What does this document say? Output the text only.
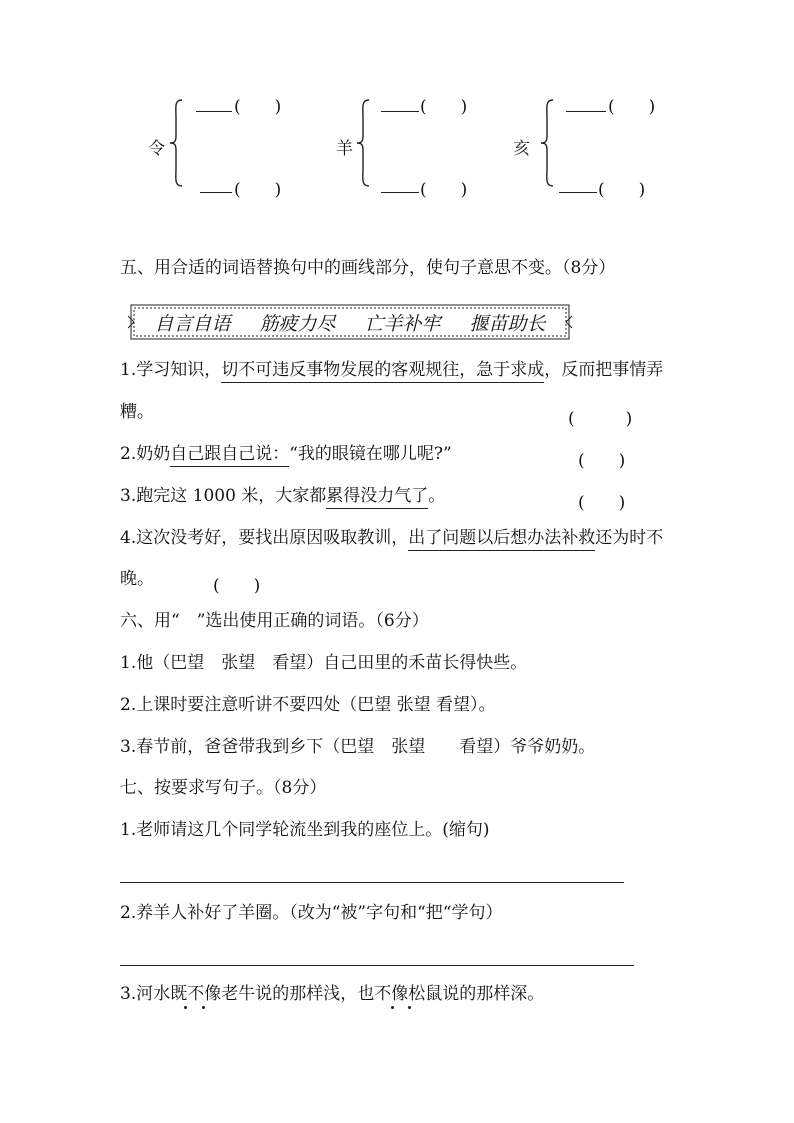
令
(　　)
(　　)
羊
(　　)
(　　)
亥
(　　)
(　　)
五、用合适的词语替换句中的画线部分，使句子意思不变。（8分）
自言自语 筋疲力尽 亡羊补牢 揠苗助长
1.学习知识，切不可违反事物发展的客观规往，急于求成，反而把事情弄
糟。	(　　　)
2.奶奶自己跟自己说：“我的眼镜在哪儿呢?”	(　　)
3.跑完这 1000 米，大家都累得没力气了。	(　　)
4.这次没考好，要找出原因吸取教训，出了问题以后想办法补救还为时不
晚。	(　　)
六、用“　”选出使用正确的词语。（6分）
1.他（巴望　张望　看望）自己田里的禾苗长得快些。
2.上课时要注意听讲不要四处（巴望 张望 看望）。
3.春节前，爸爸带我到乡下（巴望　张望　　看望）爷爷奶奶。
七、按要求写句子。（8分）
1.老师请这几个同学轮流坐到我的座位上。(缩句)
2.养羊人补好了羊圈。（改为“被”字句和“把“学句）
3.河水既不像老牛说的那样浅，也不像松鼠说的那样深。
